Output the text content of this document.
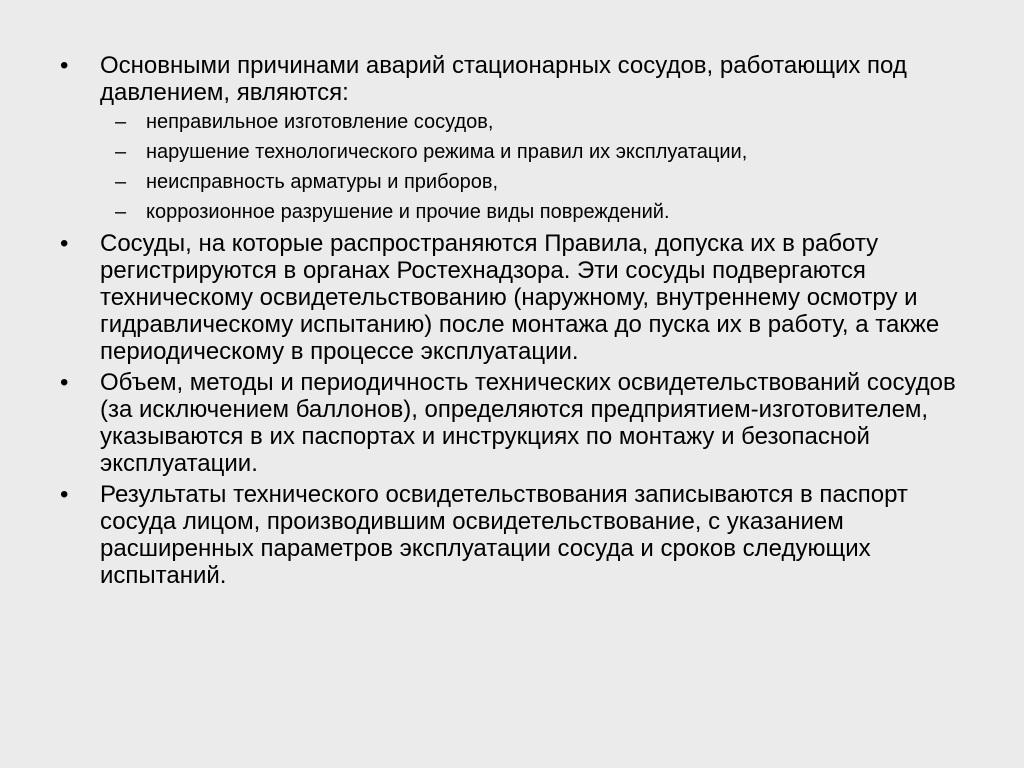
•	Основными причинами аварий стационарных сосудов, работающих под давлением, являются:
– неправильное изготовление сосудов,
– нарушение технологического режима и правил их эксплуатации,
– неисправность арматуры и приборов,
– коррозионное разрушение и прочие виды повреждений.
•	Сосуды, на которые распространяются Правила, допуска их в работу регистрируются в органах Ростехнадзора. Эти сосуды подвергаются техническому освидетельствованию (наружному, внутреннему осмотру и гидравлическому испытанию) после монтажа до пуска их в работу, а также периодическому в процессе эксплуатации.
•	Объем, методы и периодичность технических освидетельствований сосудов (за исключением баллонов), определяются предприятием-изготовителем, указываются в их паспортах и инструкциях по монтажу и безопасной эксплуатации.
•	Результаты технического освидетельствования записываются в паспорт сосуда лицом, производившим освидетельствование, с указанием расширенных параметров эксплуатации сосуда и сроков следующих испытаний.
